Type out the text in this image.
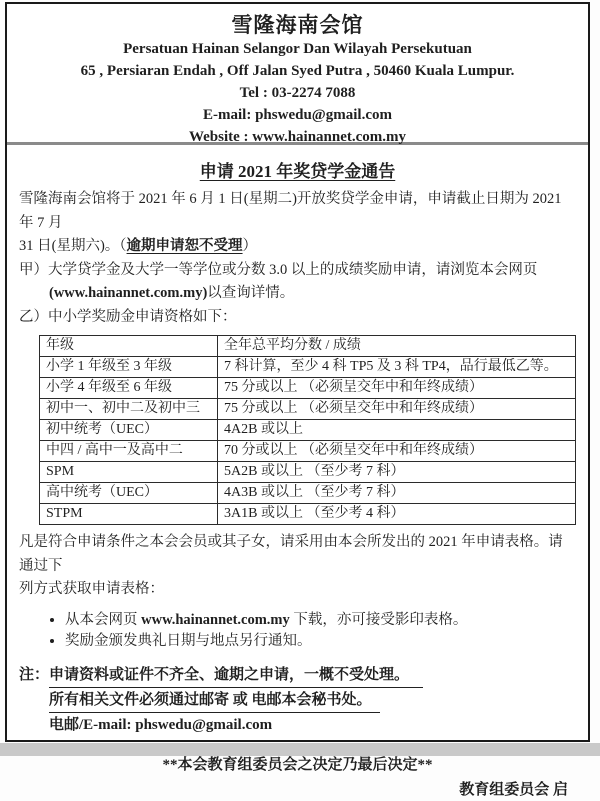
雪隆海南会馆
Persatuan Hainan Selangor Dan Wilayah Persekutuan
65 , Persiaran Endah , Off Jalan Syed Putra , 50460 Kuala Lumpur.
Tel : 03-2274 7088
E-mail: phswedu@gmail.com
Website : www.hainannet.com.my
申请 2021 年奖贷学金通告
雪隆海南会馆将于 2021 年 6 月 1 日(星期二)开放奖贷学金申请，申请截止日期为 2021 年 7 月
31 日(星期六)。（逾期申请恕不受理）
甲）大学贷学金及大学一等学位或分数 3.0 以上的成绩奖励申请，请浏览本会网页
(www.hainannet.com.my)以查询详情。
乙）中小学奖励金申请资格如下：
年级	全年总平均分数 / 成绩
小学 1 年级至 3 年级	7 科计算，至少 4 科 TP5 及 3 科 TP4，品行最低乙等。
小学 4 年级至 6 年级	75 分或以上 （必须呈交年中和年终成绩）
初中一、初中二及初中三	75 分或以上 （必须呈交年中和年终成绩）
初中统考（UEC）	4A2B 或以上
中四 / 高中一及高中二	70 分或以上 （必须呈交年中和年终成绩）
SPM	5A2B 或以上 （至少考 7 科）
高中统考（UEC）	4A3B 或以上 （至少考 7 科）
STPM	3A1B 或以上 （至少考 4 科）
凡是符合申请条件之本会会员或其子女，请采用由本会所发出的 2021 年申请表格。请通过下
列方式获取申请表格：
• 从本会网页 www.hainannet.com.my 下载，亦可接受影印表格。
• 奖励金颁发典礼日期与地点另行通知。
注：申请资料或证件不齐全、逾期之申请，一概不受处理。
所有相关文件必须通过邮寄 或 电邮本会秘书处。
电邮/E-mail: phswedu@gmail.com
**本会教育组委员会之决定乃最后决定**
教育组委员会 启
